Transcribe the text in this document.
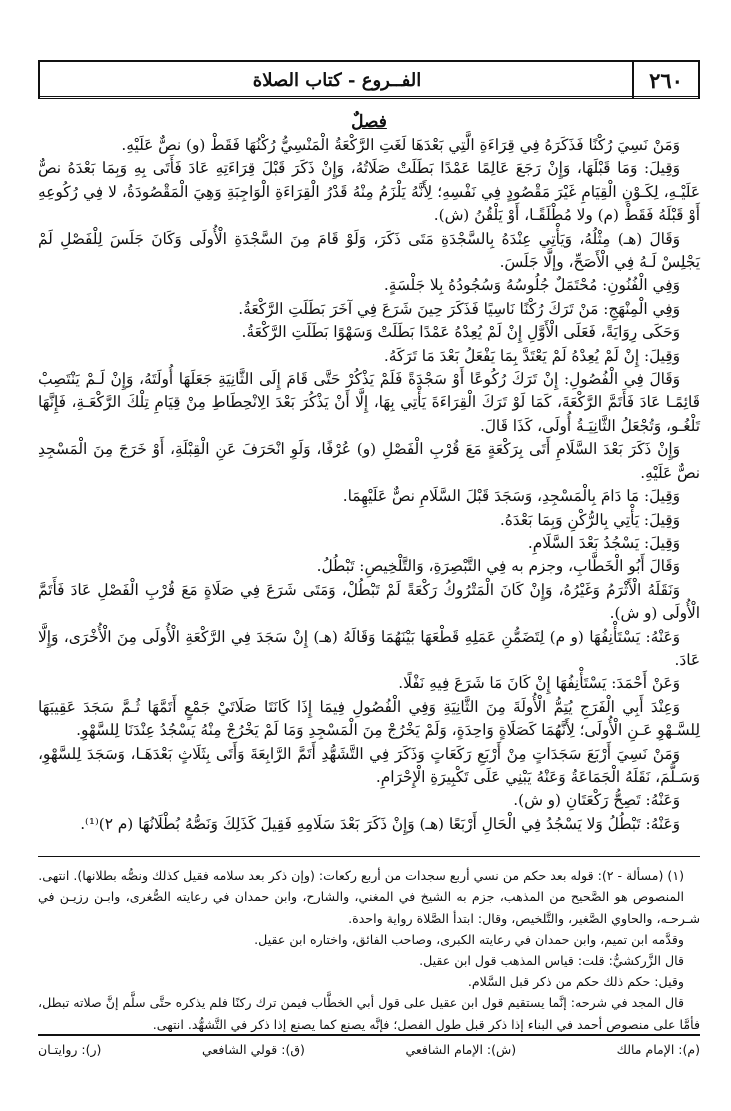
٢٦٠
الفــروع - كتاب الصلاة
فصلٌ

وَمَنْ نَسِيَ رُكْنًا فَذَكَرَهُ فِي قِرَاءَةِ الَّتِي بَعْدَهَا لَغَتِ الرَّكْعَةُ الْمَنْسِيُّ رُكْنُهَا فَقَطْ (و) نصٌّ عَلَيْهِ.

وَقِيلَ: وَمَا قَبْلَهَا، وَإِنْ رَجَعَ عَالِمًا عَمْدًا بَطَلَتْ صَلَاتُهُ، وَإِنْ ذَكَرَ قَبْلَ قِرَاءَتِهِ عَادَ فَأَتَى بِهِ وَبِمَا بَعْدَهُ نصٌّ عَلَيْـهِ، لِكَـوْنِ الْقِيَامِ غَيْرَ مَقْصُودٍ فِي نَفْسِهِ؛ لِأَنَّهُ يَلْزَمُ مِنْهُ قَدْرُ الْقِرَاءَةِ الْوَاجِبَةِ وَهِيَ الْمَقْصُودَةُ، لا فِي رُكُوعِهِ أَوْ قَبْلَهُ فَقَطْ (م) ولا مُطْلَقًـا، أَوْ يَلْقُنُ (ش).

وَقَالَ (هـ) مِثْلُهُ، وَيَأْتِي عِنْدَهُ بِالسَّجْدَةِ مَتَى ذَكَرَ، وَلَوْ قَامَ مِنَ السَّجْدَةِ الْأُولَى وَكَانَ جَلَسَ لِلْفَصْلِ لَمْ يَجْلِسْ لَـهُ فِي الْأَصَحِّ، وإلَّا جَلَسَ.

وَفِي الْفُنُونِ: مُحْتَمَلٌ جُلُوسُهُ وَسُجُودُهُ بِلا جَلْسَةٍ.

وَفِي الْمِنْهَجِ: مَنْ تَرَكَ رُكْنًا نَاسِيًا فَذَكَرَ حِينَ شَرَعَ فِي آخَرَ بَطَلَتِ الرَّكْعَةُ.

وَحَكَى رِوَايَةً، فَعَلَى الْأَوَّلِ إِنْ لَمْ يُعِدْهُ عَمْدًا بَطَلَتْ وَسَهْوًا بَطَلَتِ الرَّكْعَةُ.

وَقِيلَ: إِنْ لَمْ يُعِدْهُ لَمْ يَعْتَدَّ بِمَا يَفْعَلُ بَعْدَ مَا تَرَكَهُ.

وَقَالَ فِي الْفُصُولِ: إِنْ تَرَكَ رُكُوعًا أَوْ سَجْدَةً فَلَمْ يَذْكُرْ حَتَّى قَامَ إِلَى الثَّانِيَةِ جَعَلَهَا أُولَتَهُ، وَإِنْ لَـمْ يَنْتَصِبْ قَائِمًـا عَادَ فَأَتَمَّ الرَّكْعَةَ، كَمَا لَوْ تَرَكَ الْقِرَاءَةَ يَأْتِي بِهَا، إِلَّا أَنْ يَذْكُرَ بَعْدَ الِانْحِطَاطِ مِنْ قِيَامِ تِلْكَ الرَّكْعَـةِ، فَإِنَّهَا تَلْغُـو، وَتُجْعَلُ الثَّانِيَـةُ أُولَى، كَذَا قَالَ.

وَإِنْ ذَكَرَ بَعْدَ السَّلَامِ أَتَى بِرَكْعَةٍ مَعَ قُرْبِ الْفَصْلِ (و) عُرْفًا، وَلَوِ انْحَرَفَ عَنِ الْقِبْلَةِ، أَوْ خَرَجَ مِنَ الْمَسْجِدِ نصٌّ عَلَيْهِ.

وَقِيلَ: مَا دَامَ بِالْمَسْجِدِ، وَسَجَدَ قَبْلَ السَّلَامِ نصٌّ عَلَيْهِمَا.

وَقِيلَ: يَأْتِي بِالرُّكْنِ وَبِمَا بَعْدَهُ.

وَقِيلَ: يَسْجُدُ بَعْدَ السَّلَامِ.

وَقَالَ أَبُو الْخَطَّابِ، وجزم به فِي التَّبْصِرَةِ، وَالتَّلْخِيصِ: تَبْطُلُ.

وَنَقَلَهُ الْأَثْرَمُ وَغَيْرُهُ، وَإِنْ كَانَ الْمَتْرُوكُ رَكْعَةً لَمْ تَبْطُلْ، وَمَتَى شَرَعَ فِي صَلَاةٍ مَعَ قُرْبِ الْفَصْلِ عَادَ فَأَتَمَّ الْأُولَى (و ش).

وَعَنْهُ: يَسْتَأْنِفُهَا (و م) لِتَضَمُّنِ عَمَلِهِ قَطْعَهَا بَيْنَهُمَا وَقَالَهُ (هـ) إِنْ سَجَدَ فِي الرَّكْعَةِ الْأُولَى مِنَ الْأُخْرَى، وَإِلَّا عَادَ.

وَعَنْ أَحْمَدَ: يَسْتَأْنِفُهَا إِنْ كَانَ مَا شَرَعَ فِيهِ نَفْلًا.

وَعِنْدَ أَبِي الْفَرَجِ يُتِمُّ الْأُولَةَ مِنَ الثَّانِيَةِ وَفِي الْفُصُولِ فِيمَا إِذَا كَانَتَا صَلَاتَيْ جَمْعٍ أَتَمَّهَا ثُـمَّ سَجَدَ عَقِيبَهَا لِلسَّـهْوِ عَـنِ الْأُولَى؛ لِأَنَّهُمَا كَصَلَاةٍ وَاحِدَةٍ، وَلَمْ يَخْرُجْ مِنَ الْمَسْجِدِ وَمَا لَمْ يَخْرُجْ مِنْهُ يَسْجُدُ عِنْدَنَا لِلسَّهْوِ.

وَمَنْ نَسِيَ أَرْبَعَ سَجَدَاتٍ مِنْ أَرْبَعِ رَكَعَاتٍ وَذَكَرَ فِي التَّشَهُّدِ أَتَمَّ الرَّابِعَةَ وَأَتَى بِثَلَاثٍ بَعْدَهَـا، وَسَجَدَ لِلسَّهْوِ، وَسَـلَّمَ، نَقَلَهُ الْجَمَاعَةُ وَعَنْهُ يَبْنِي عَلَى تَكْبِيرَةِ الْإِحْرَامِ.

وَعَنْهُ: تَصِحُّ رَكْعَتَانِ (و ش).

وَعَنْهُ: تَبْطُلُ وَلا يَسْجُدُ فِي الْحَالِ أَرْبَعًا (هـ) وَإِنْ ذَكَرَ بَعْدَ سَلَامِهِ فَقِيلَ كَذَلِكَ وَنَصُّهُ بُطْلَانُهَا (م ٢)⁽¹⁾.

(١) (مسألة - ٢): قوله بعد حكم من نسي أربع سجدات من أربع ركعات: (وإن ذكر بعد سلامه فقيل كذلك ونصُّه بطلانها). انتهى.

المنصوص هو الصَّحيح من المذهب، جزم به الشيخ في المغني، والشارح، وابن حمدان في رعايته الصُّغرى، وابـن رزيـن في شـرحـه، والحاوي الصَّغير، والتَّلخيص، وقال: ابتدأ الصَّلاة رواية واحدة.

وقدَّمه ابن تميم، وابن حمدان في رعايته الكبرى، وصاحب الفائق، واختاره ابن عقيل.

قال الزَّركشيُّ: قلت: قياس المذهب قول ابن عقيل.

وقيل: حكم ذلك حكم من ذكر قبل السَّلام.

قال المجد في شرحه: إنَّما يستقيم قول ابن عقيل على قول أبي الخطَّاب فيمن ترك ركنًا فلم يذكره حتَّى سلَّم إنَّ صلاته تبطل، فأمَّا على منصوص أحمد في البناء إذا ذكر قبل طول الفصل؛ فإنَّه يصنع كما يصنع إذا ذكر في التَّشهُّد. انتهى.

(م): الإمام مالك
(ش): الإمام الشافعي
(ق): قولي الشافعي
(ر): روايتـان
